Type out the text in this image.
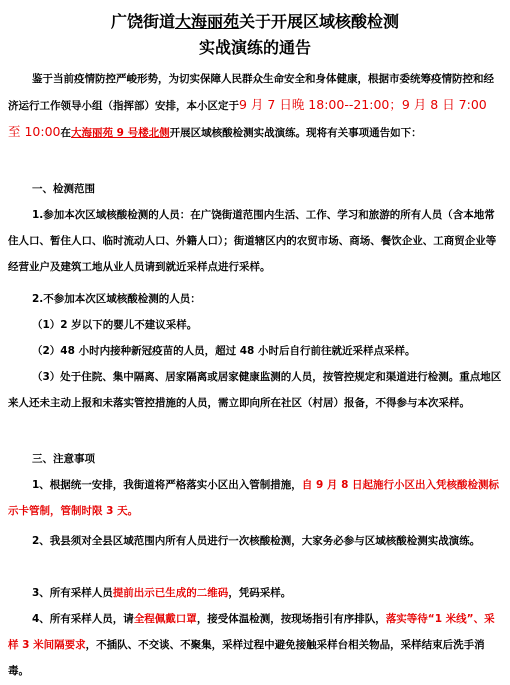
广饶街道大海丽苑关于开展区域核酸检测
实战演练的通告
鉴于当前疫情防控严峻形势，为切实保障人民群众生命安全和身体健康，根据市委统筹疫情防控和经济运行工作领导小组（指挥部）安排，本小区定于9 月 7 日晚 18:00--21:00；9 月 8 日 7:00 至 10:00在大海丽苑 9 号楼北侧开展区域核酸检测实战演练。现将有关事项通告如下：
一、检测范围
1.参加本次区域核酸检测的人员：在广饶街道范围内生活、工作、学习和旅游的所有人员（含本地常住人口、暂住人口、临时流动人口、外籍人口）；街道辖区内的农贸市场、商场、餐饮企业、工商贸企业等经营业户及建筑工地从业人员请到就近采样点进行采样。
2.不参加本次区域核酸检测的人员：
（1）2 岁以下的婴儿不建议采样。
（2）48 小时内接种新冠疫苗的人员，超过 48 小时后自行前往就近采样点采样。
（3）处于住院、集中隔离、居家隔离或居家健康监测的人员，按管控规定和渠道进行检测。重点地区来人还未主动上报和未落实管控措施的人员，需立即向所在社区（村居）报备，不得参与本次采样。
三、注意事项
1、根据统一安排，我街道将严格落实小区出入管制措施，自 9 月 8 日起施行小区出入凭核酸检测标示卡管制，管制时限 3 天。
2、我县须对全县区域范围内所有人员进行一次核酸检测，大家务必参与区域核酸检测实战演练。
3、所有采样人员提前出示已生成的二维码，凭码采样。
4、所有采样人员，请全程佩戴口罩，接受体温检测，按现场指引有序排队，落实等待“1 米线”、采样 3 米间隔要求，不插队、不交谈、不聚集，采样过程中避免接触采样台相关物品，采样结束后洗手消毒。
